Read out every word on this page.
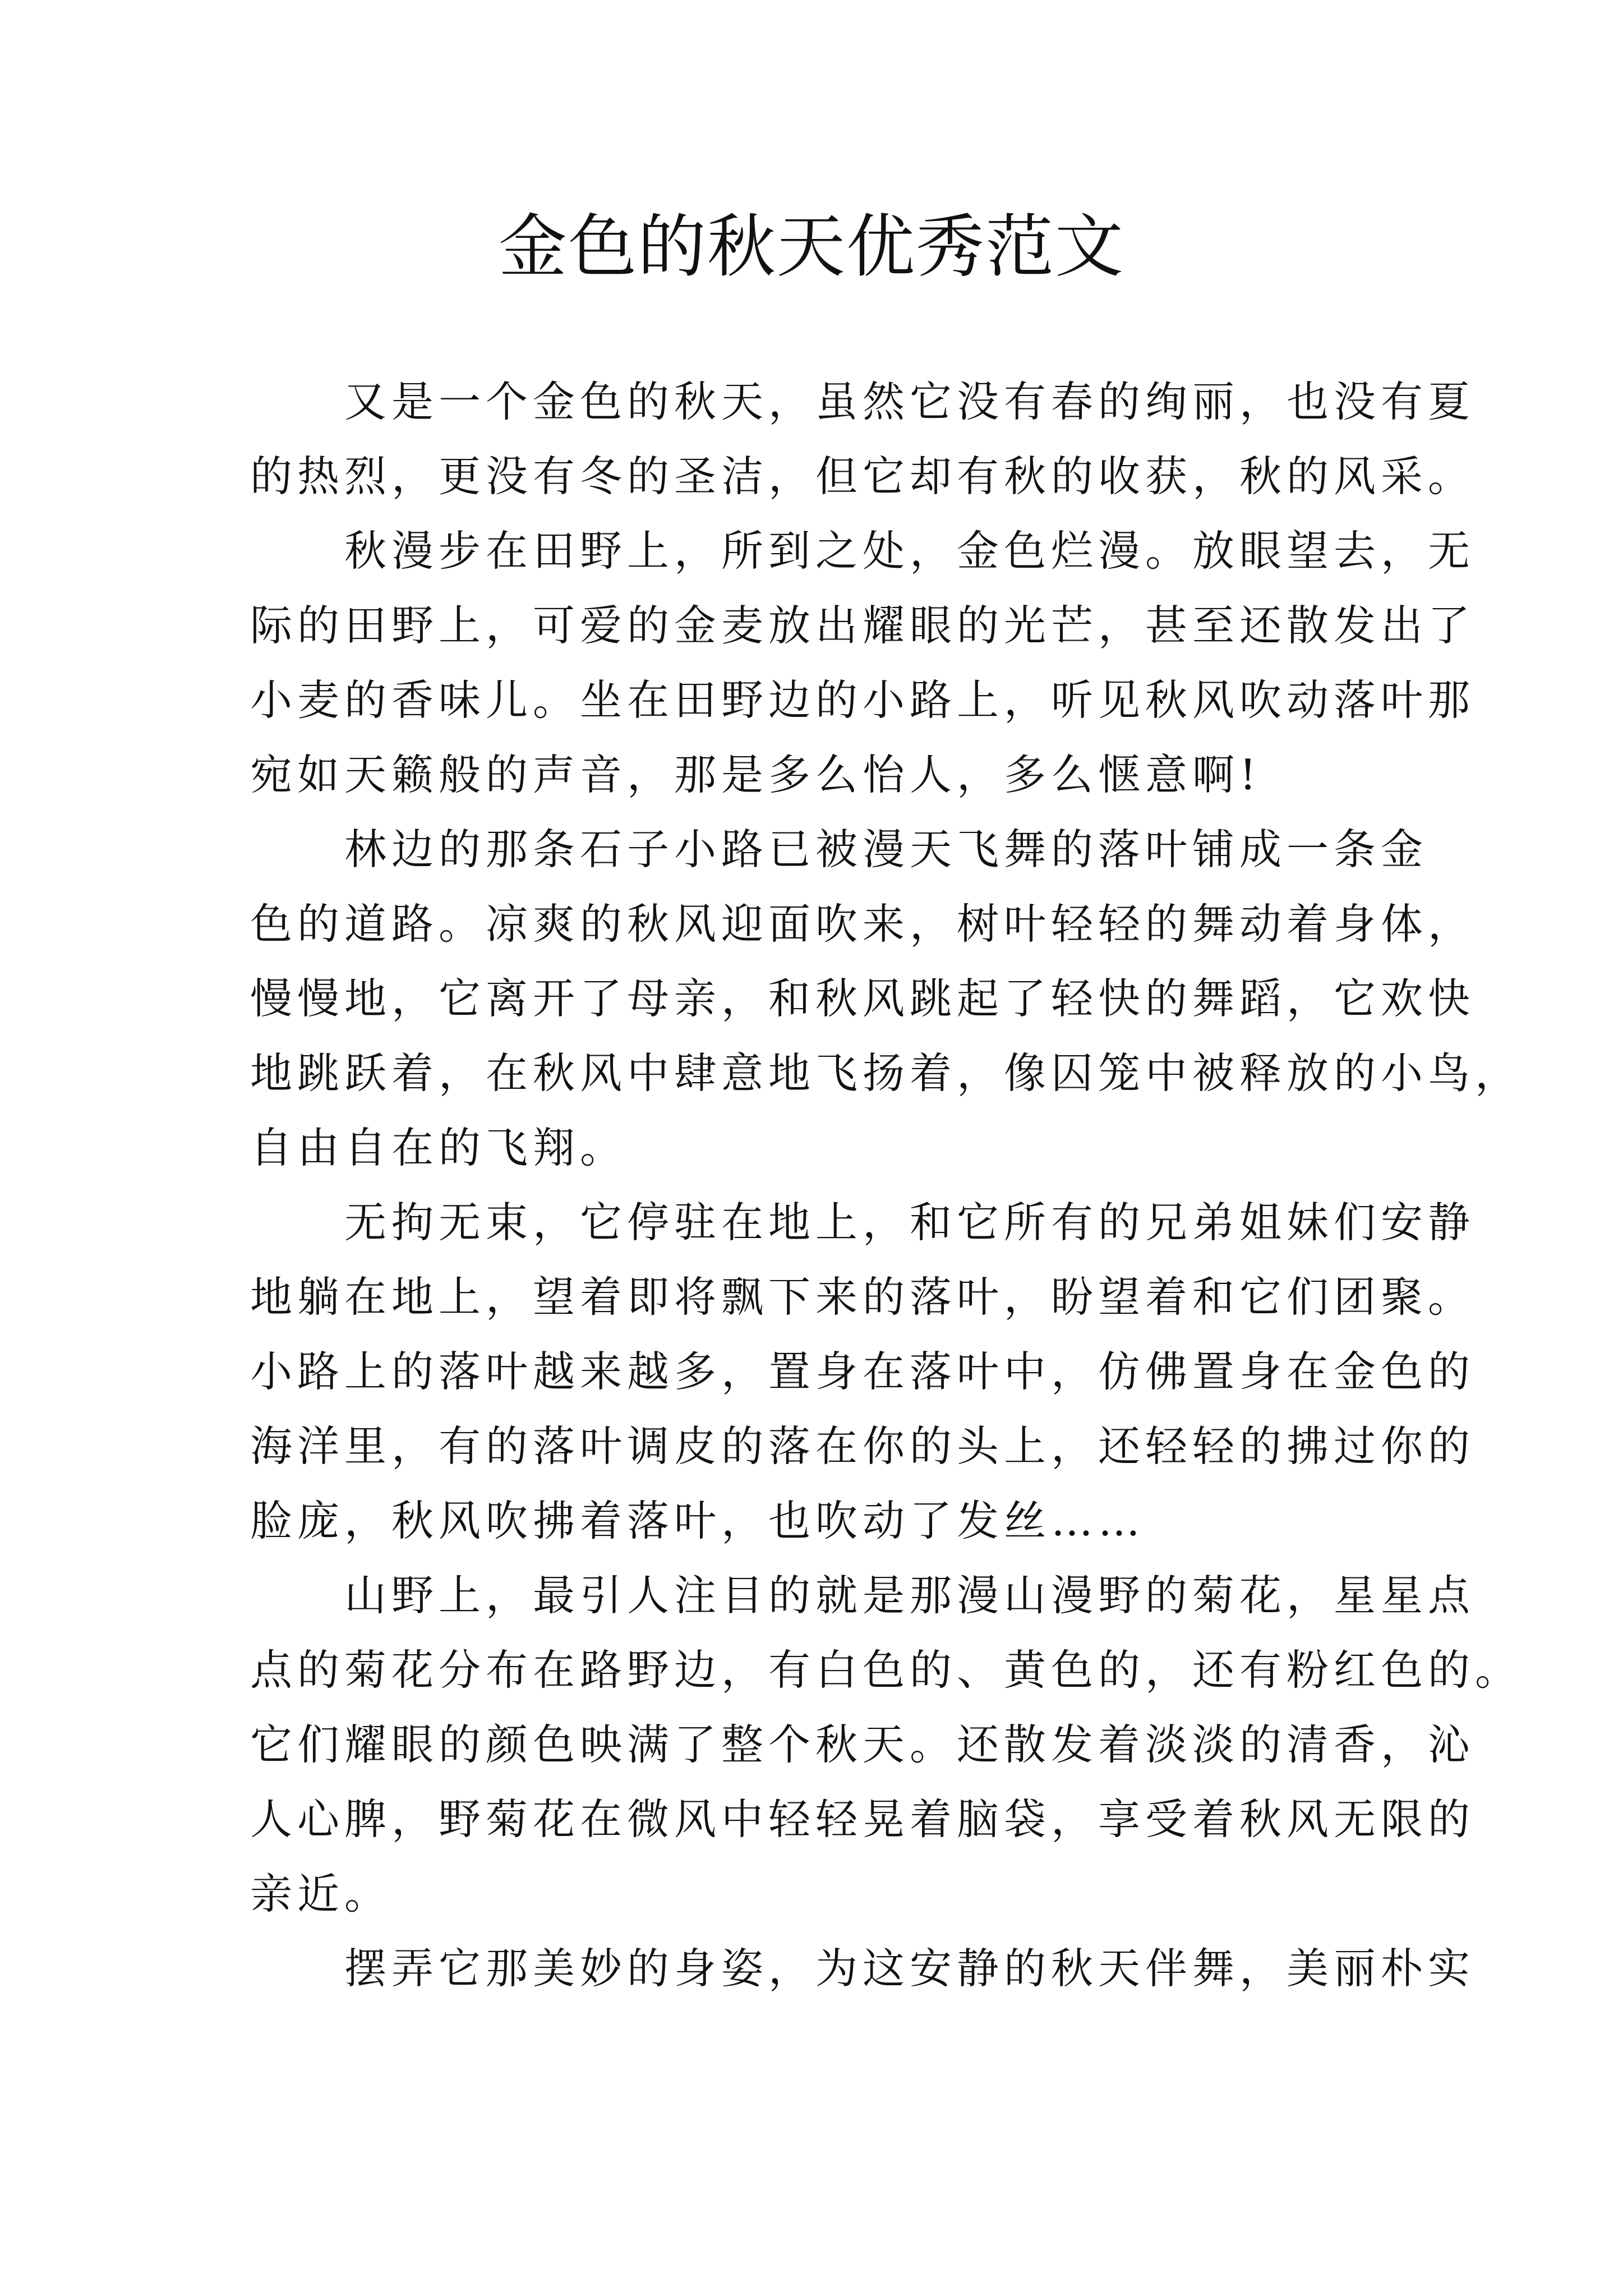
金色的秋天优秀范文

又是一个金色的秋天，虽然它没有春的绚丽，也没有夏
的热烈，更没有冬的圣洁，但它却有秋的收获，秋的风采。

秋漫步在田野上，所到之处，金色烂漫。放眼望去，无
际的田野上，可爱的金麦放出耀眼的光芒，甚至还散发出了
小麦的香味儿。坐在田野边的小路上，听见秋风吹动落叶那
宛如天籁般的声音，那是多么怡人，多么惬意啊!

林边的那条石子小路已被漫天飞舞的落叶铺成一条金
色的道路。凉爽的秋风迎面吹来，树叶轻轻的舞动着身体，
慢慢地，它离开了母亲，和秋风跳起了轻快的舞蹈，它欢快
地跳跃着，在秋风中肆意地飞扬着，像囚笼中被释放的小鸟，
自由自在的飞翔。

无拘无束，它停驻在地上，和它所有的兄弟姐妹们安静
地躺在地上，望着即将飘下来的落叶，盼望着和它们团聚。
小路上的落叶越来越多，置身在落叶中，仿佛置身在金色的
海洋里，有的落叶调皮的落在你的头上，还轻轻的拂过你的
脸庞，秋风吹拂着落叶，也吹动了发丝……

山野上，最引人注目的就是那漫山漫野的菊花，星星点
点的菊花分布在路野边，有白色的、黄色的，还有粉红色的。
它们耀眼的颜色映满了整个秋天。还散发着淡淡的清香，沁
人心脾，野菊花在微风中轻轻晃着脑袋，享受着秋风无限的
亲近。

摆弄它那美妙的身姿，为这安静的秋天伴舞，美丽朴实
